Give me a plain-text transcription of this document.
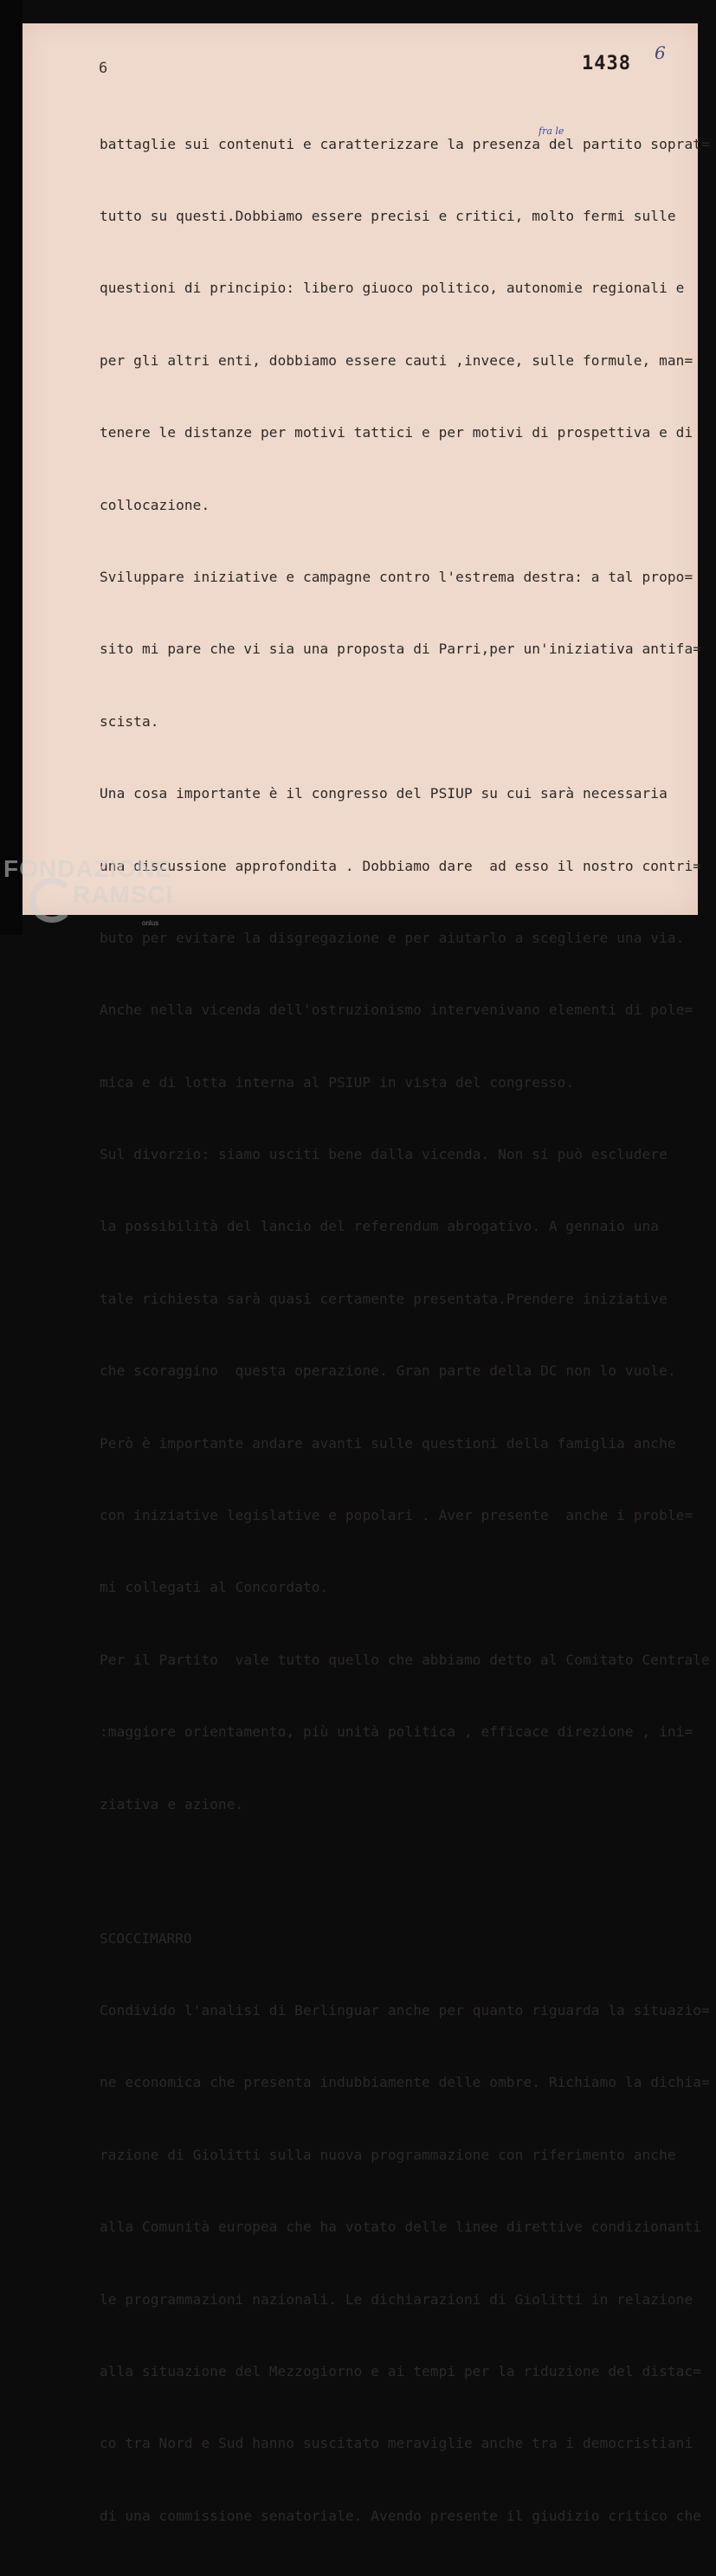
6	1438 6
fra le

battaglie sui contenuti e caratterizzare la presenza del partito soprat=

tutto su questi.Dobbiamo essere precisi e critici, molto fermi sulle

questioni di principio: libero giuoco politico, autonomie regionali e

per gli altri enti, dobbiamo essere cauti ,invece, sulle formule, man=

tenere le distanze per motivi tattici e per motivi di prospettiva e di

collocazione.

Sviluppare iniziative e campagne contro l'estrema destra: a tal propo=

sito mi pare che vi sia una proposta di Parri,per un'iniziativa antifa=

scista.

Una cosa importante è il congresso del PSIUP su cui sarà necessaria

una discussione approfondita . Dobbiamo dare  ad esso il nostro contri=

buto per evitare la disgregazione e per aiutarlo a scegliere una via.

Anche nella vicenda dell'ostruzionismo intervenivano elementi di pole=

mica e di lotta interna al PSIUP in vista del congresso.

Sul divorzio: siamo usciti bene dalla vicenda. Non si può escludere

la possibilità del lancio del referendum abrogativo. A gennaio una

tale richiesta sarà quasi certamente presentata.Prendere iniziative

che scoraggino  questa operazione. Gran parte della DC non lo vuole.

Però è importante andare avanti sulle questioni della famiglia anche

con iniziative legislative e popolari . Aver presente  anche i proble=

mi collegati al Concordato.

Per il Partito  vale tutto quello che abbiamo detto al Comitato Centrale

:maggiore orientamento, più unità politica , efficace direzione , ini=

ziativa e azione.

SCOCCIMARRO

Condivido l'analisi di Berlinguar anche per quanto riguarda la situazio=

ne economica che presenta indubbiamente delle ombre. Richiamo la dichia=

razione di Giolitti sulla nuova programmazione con riferimento anche

alla Comunità europea che ha votato delle linee direttive condizionanti

le programmazioni nazionali. Le dichiarazioni di Giolitti in relazione

alla situazione del Mezzogiorno e ai tempi per la riduzione del distac=

co tra Nord e Sud hanno suscitato meraviglie anche tra i democristiani

di una commissione senatoriale. Avendo presente il giudizio critico che

FONDAZIONE
RAMSCI
onlus
